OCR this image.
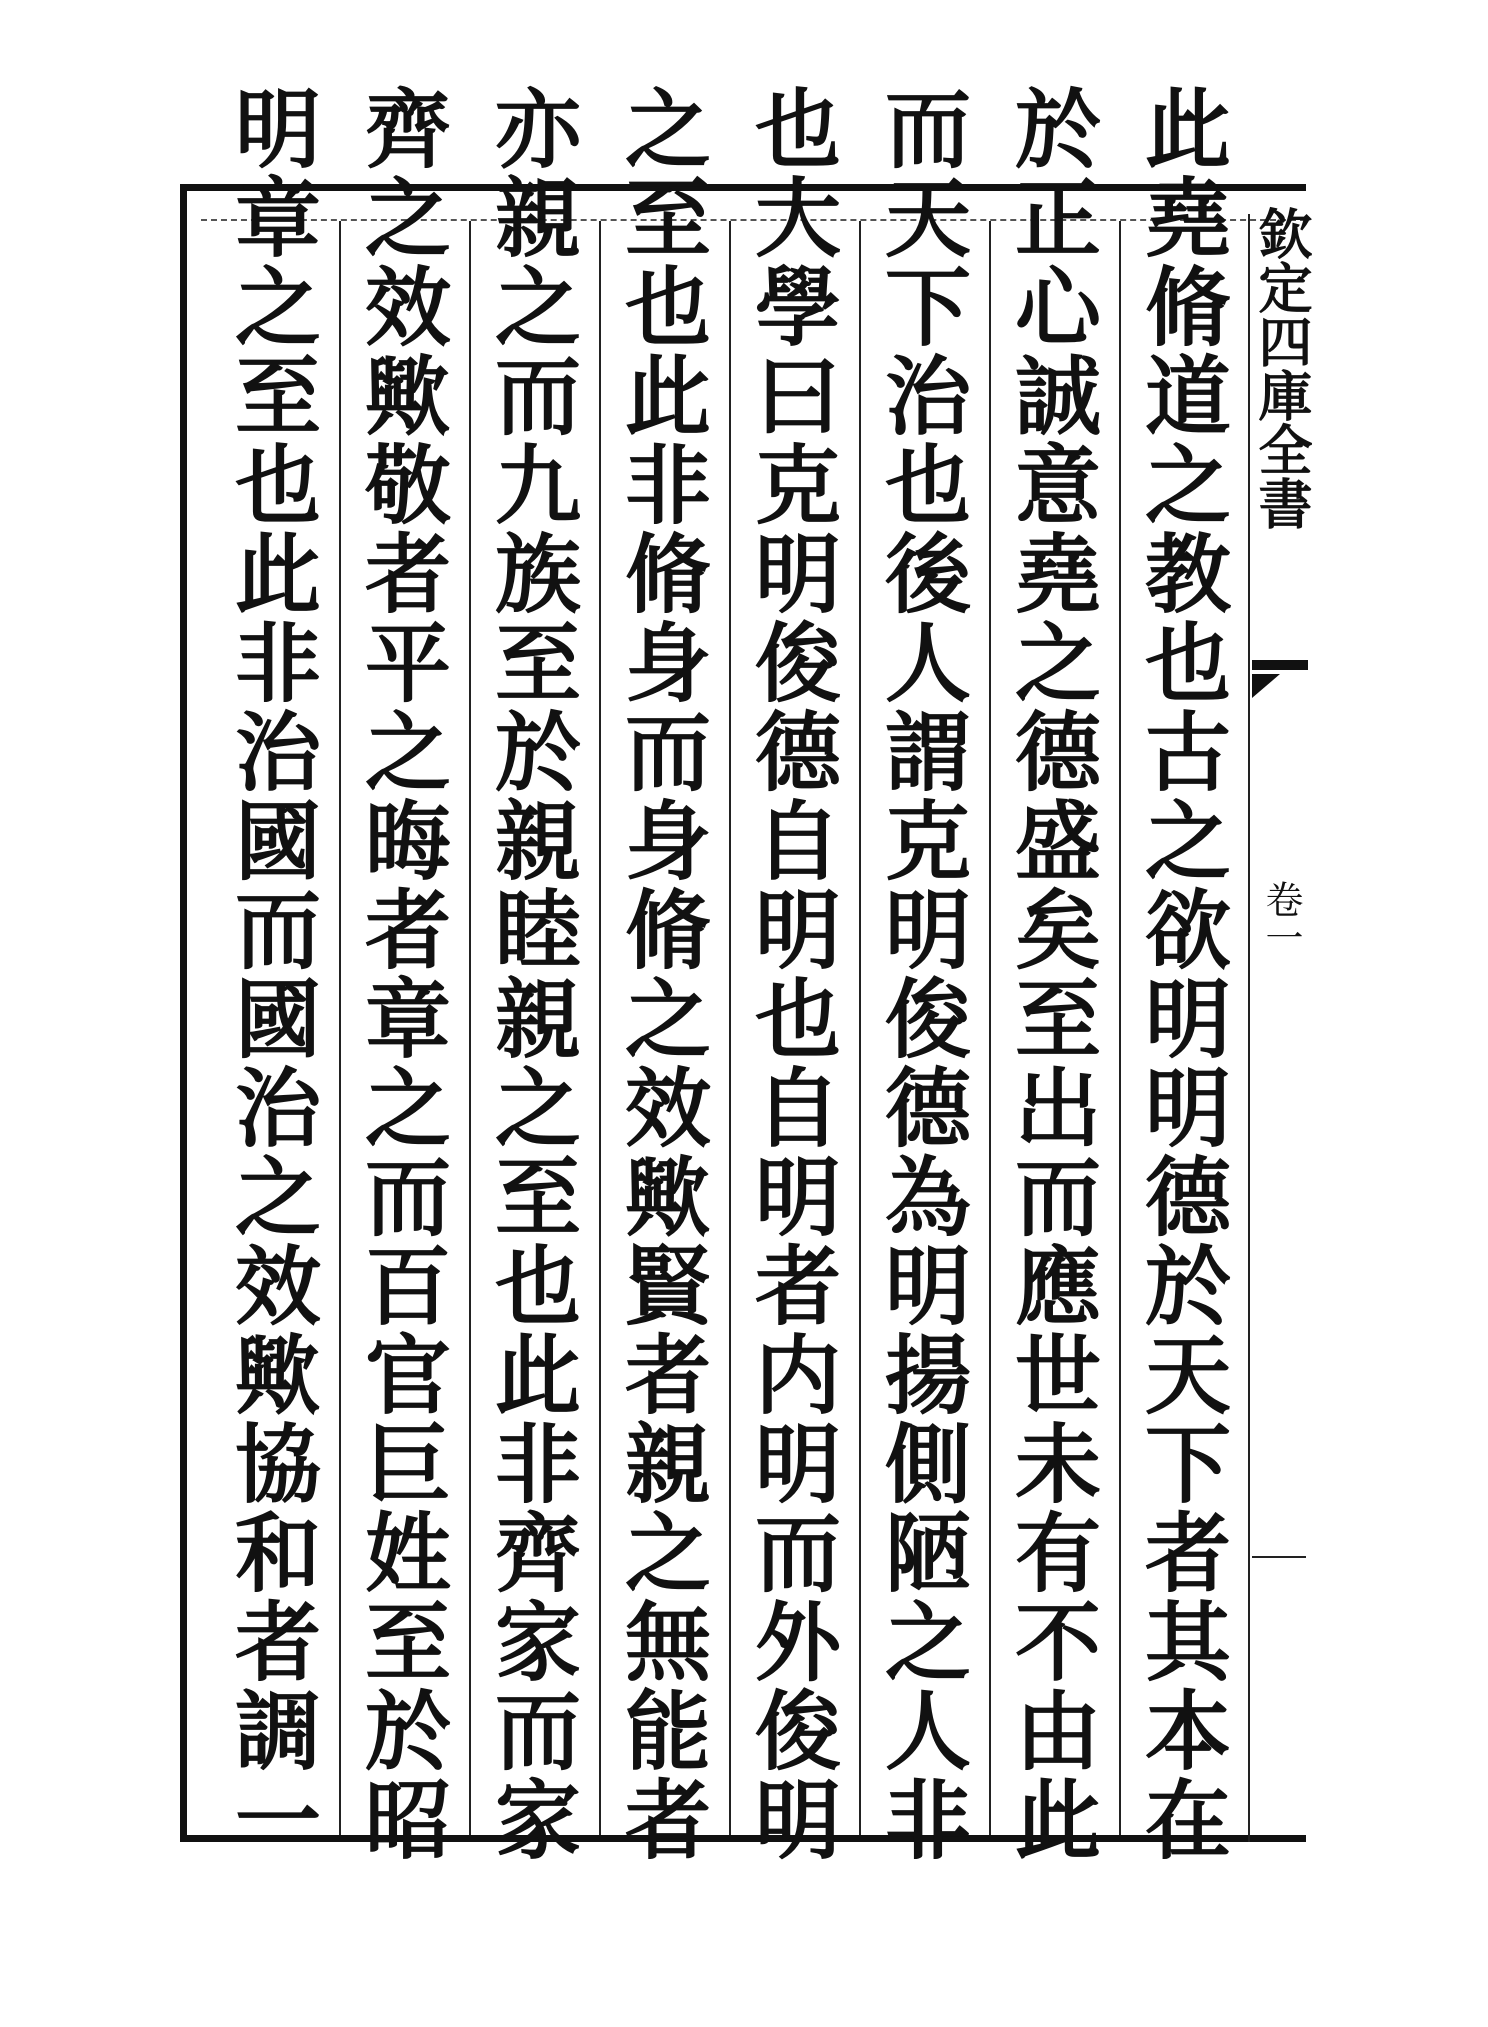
欽定四庫全書
卷一
此堯脩道之教也古之欲明明德於天下者其本在
於正心誠意堯之德盛矣至出而應世未有不由此
而天下治也後人謂克明俊德為明揚側陋之人非
也大學曰克明俊德自明也自明者内明而外俊明
之至也此非脩身而身脩之效歟賢者親之無能者
亦親之而九族至於親睦親之至也此非齊家而家
齊之效歟敬者平之晦者章之而百官巨姓至於昭
明章之至也此非治國而國治之效歟協和者調一
